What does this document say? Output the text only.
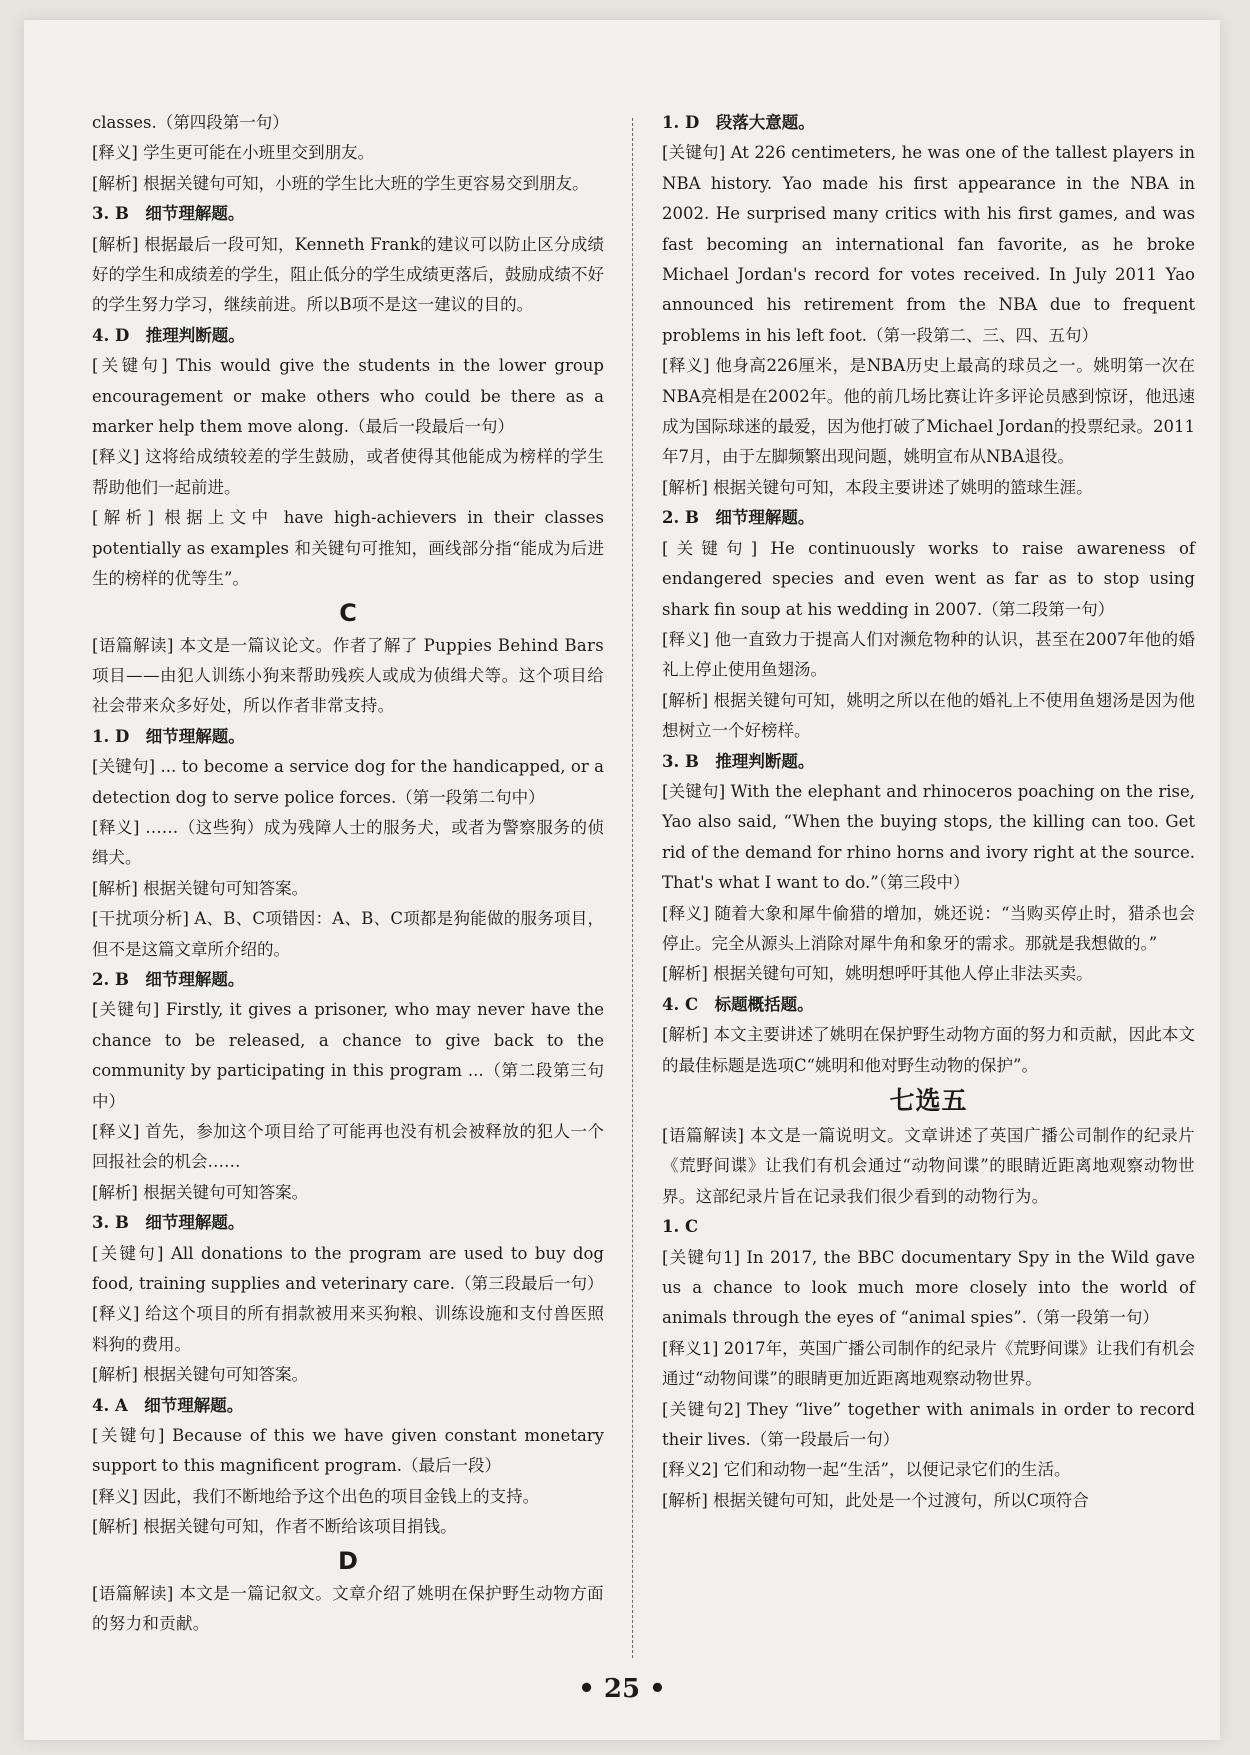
classes.（第四段第一句）

[释义] 学生更可能在小班里交到朋友。

[解析] 根据关键句可知，小班的学生比大班的学生更容易交到朋友。

3. B　细节理解题。

[解析] 根据最后一段可知，Kenneth Frank的建议可以防止区分成绩好的学生和成绩差的学生，阻止低分的学生成绩更落后，鼓励成绩不好的学生努力学习，继续前进。所以B项不是这一建议的目的。

4. D　推理判断题。

[关键句] This would give the students in the lower group encouragement or make others who could be there as a marker help them move along.（最后一段最后一句）

[释义] 这将给成绩较差的学生鼓励，或者使得其他能成为榜样的学生帮助他们一起前进。

[解析] 根据上文中 have high-achievers in their classes potentially as examples 和关键句可推知，画线部分指“能成为后进生的榜样的优等生”。

C

[语篇解读] 本文是一篇议论文。作者了解了 Puppies Behind Bars项目——由犯人训练小狗来帮助残疾人或成为侦缉犬等。这个项目给社会带来众多好处，所以作者非常支持。

1. D　细节理解题。

[关键句] ... to become a service dog for the handicapped, or a detection dog to serve police forces.（第一段第二句中）

[释义] ……（这些狗）成为残障人士的服务犬，或者为警察服务的侦缉犬。

[解析] 根据关键句可知答案。

[干扰项分析] A、B、C项错因：A、B、C项都是狗能做的服务项目，但不是这篇文章所介绍的。

2. B　细节理解题。

[关键句] Firstly, it gives a prisoner, who may never have the chance to be released, a chance to give back to the community by participating in this program ...（第二段第三句中）

[释义] 首先，参加这个项目给了可能再也没有机会被释放的犯人一个回报社会的机会……

[解析] 根据关键句可知答案。

3. B　细节理解题。

[关键句] All donations to the program are used to buy dog food, training supplies and veterinary care.（第三段最后一句）

[释义] 给这个项目的所有捐款被用来买狗粮、训练设施和支付兽医照料狗的费用。

[解析] 根据关键句可知答案。

4. A　细节理解题。

[关键句] Because of this we have given constant monetary support to this magnificent program.（最后一段）

[释义] 因此，我们不断地给予这个出色的项目金钱上的支持。

[解析] 根据关键句可知，作者不断给该项目捐钱。

D

[语篇解读] 本文是一篇记叙文。文章介绍了姚明在保护野生动物方面的努力和贡献。

1. D　段落大意题。

[关键句] At 226 centimeters, he was one of the tallest players in NBA history. Yao made his first appearance in the NBA in 2002. He surprised many critics with his first games, and was fast becoming an international fan favorite, as he broke Michael Jordan's record for votes received. In July 2011 Yao announced his retirement from the NBA due to frequent problems in his left foot.（第一段第二、三、四、五句）

[释义] 他身高226厘米，是NBA历史上最高的球员之一。姚明第一次在NBA亮相是在2002年。他的前几场比赛让许多评论员感到惊讶，他迅速成为国际球迷的最爱，因为他打破了Michael Jordan的投票纪录。2011年7月，由于左脚频繁出现问题，姚明宣布从NBA退役。

[解析] 根据关键句可知，本段主要讲述了姚明的篮球生涯。

2. B　细节理解题。

[关键句] He continuously works to raise awareness of endangered species and even went as far as to stop using shark fin soup at his wedding in 2007.（第二段第一句）

[释义] 他一直致力于提高人们对濒危物种的认识，甚至在2007年他的婚礼上停止使用鱼翅汤。

[解析] 根据关键句可知，姚明之所以在他的婚礼上不使用鱼翅汤是因为他想树立一个好榜样。

3. B　推理判断题。

[关键句] With the elephant and rhinoceros poaching on the rise, Yao also said, “When the buying stops, the killing can too. Get rid of the demand for rhino horns and ivory right at the source. That's what I want to do.”（第三段中）

[释义] 随着大象和犀牛偷猎的增加，姚还说：“当购买停止时，猎杀也会停止。完全从源头上消除对犀牛角和象牙的需求。那就是我想做的。”

[解析] 根据关键句可知，姚明想呼吁其他人停止非法买卖。

4. C　标题概括题。

[解析] 本文主要讲述了姚明在保护野生动物方面的努力和贡献，因此本文的最佳标题是选项C“姚明和他对野生动物的保护”。

七选五

[语篇解读] 本文是一篇说明文。文章讲述了英国广播公司制作的纪录片《荒野间谍》让我们有机会通过“动物间谍”的眼睛近距离地观察动物世界。这部纪录片旨在记录我们很少看到的动物行为。

1. C

[关键句1] In 2017, the BBC documentary Spy in the Wild gave us a chance to look much more closely into the world of animals through the eyes of “animal spies”.（第一段第一句）

[释义1] 2017年，英国广播公司制作的纪录片《荒野间谍》让我们有机会通过“动物间谍”的眼睛更加近距离地观察动物世界。

[关键句2] They “live” together with animals in order to record their lives.（第一段最后一句）

[释义2] 它们和动物一起“生活”，以便记录它们的生活。

[解析] 根据关键句可知，此处是一个过渡句，所以C项符合

• 25 •
